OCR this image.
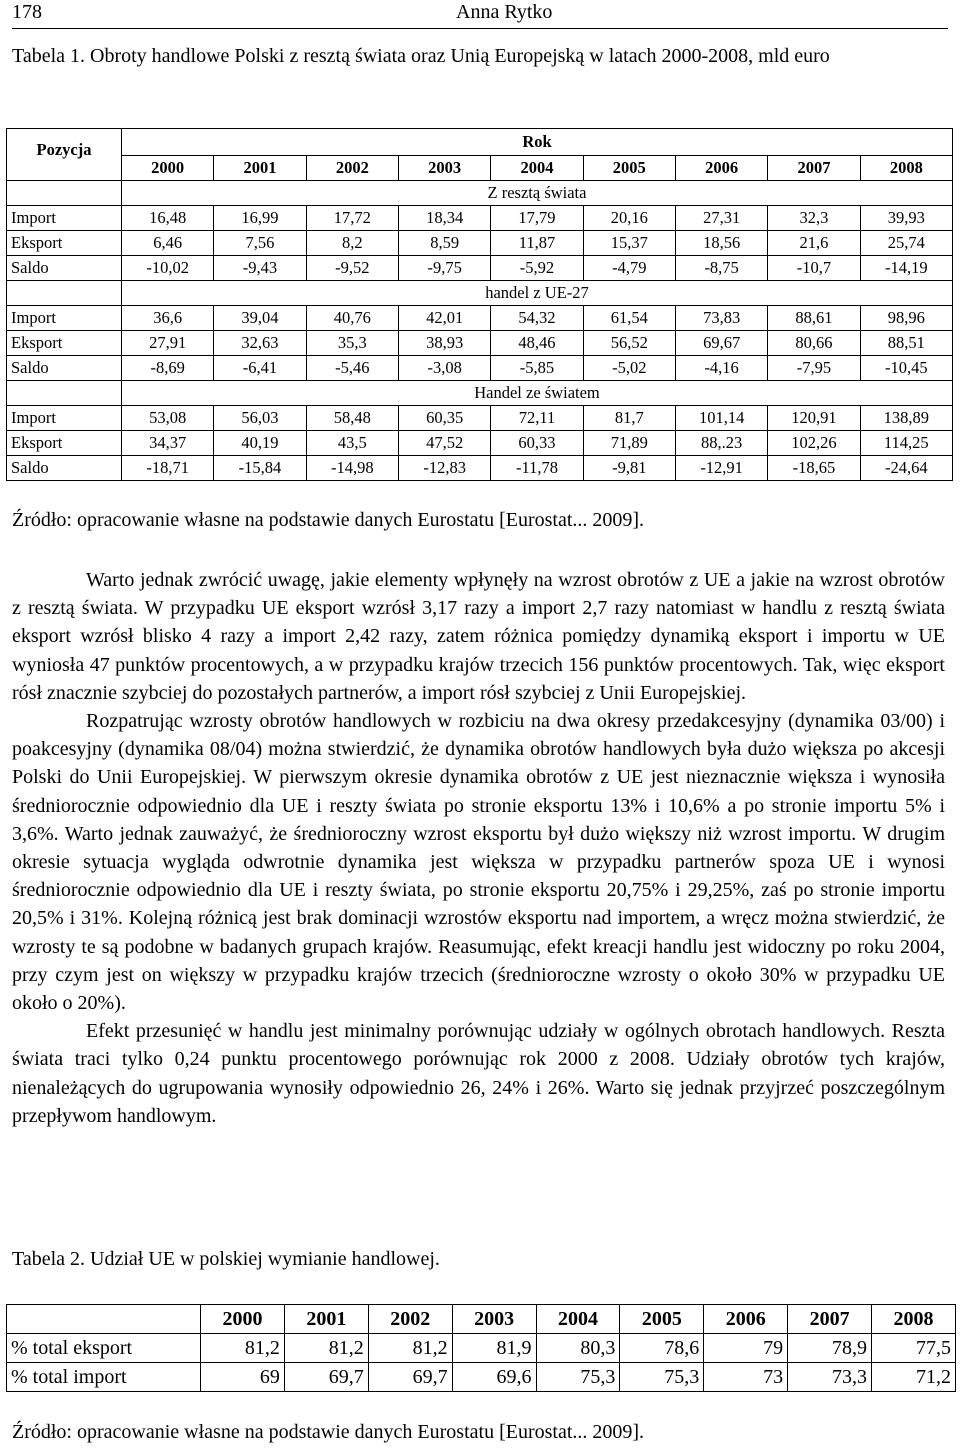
178	Anna Rytko
Tabela 1. Obroty handlowe Polski z resztą świata oraz Unią Europejską w latach 2000-2008, mld euro
Pozycja	Rok								
	2000	2001	2002	2003	2004	2005	2006	2007	2008
	Z resztą świata								
Import	16,48	16,99	17,72	18,34	17,79	20,16	27,31	32,3	39,93
Eksport	6,46	7,56	8,2	8,59	11,87	15,37	18,56	21,6	25,74
Saldo	-10,02	-9,43	-9,52	-9,75	-5,92	-4,79	-8,75	-10,7	-14,19
	handel z UE-27								
Import	36,6	39,04	40,76	42,01	54,32	61,54	73,83	88,61	98,96
Eksport	27,91	32,63	35,3	38,93	48,46	56,52	69,67	80,66	88,51
Saldo	-8,69	-6,41	-5,46	-3,08	-5,85	-5,02	-4,16	-7,95	-10,45
	Handel ze światem								
Import	53,08	56,03	58,48	60,35	72,11	81,7	101,14	120,91	138,89
Eksport	34,37	40,19	43,5	47,52	60,33	71,89	88,.23	102,26	114,25
Saldo	-18,71	-15,84	-14,98	-12,83	-11,78	-9,81	-12,91	-18,65	-24,64
Źródło: opracowanie własne na podstawie danych Eurostatu [Eurostat... 2009].

Warto jednak zwrócić uwagę, jakie elementy wpłynęły na wzrost obrotów z UE a jakie na wzrost obrotów z resztą świata. W przypadku UE eksport wzrósł 3,17 razy a import 2,7 razy natomiast w handlu z resztą świata eksport wzrósł blisko 4 razy a import 2,42 razy, zatem różnica pomiędzy dynamiką eksport i importu w UE wyniosła 47 punktów procentowych, a w przypadku krajów trzecich 156 punktów procentowych. Tak, więc eksport rósł znacznie szybciej do pozostałych partnerów, a import rósł szybciej z Unii Europejskiej.

Rozpatrując wzrosty obrotów handlowych w rozbiciu na dwa okresy przedakcesyjny (dynamika 03/00) i poakcesyjny (dynamika 08/04) można stwierdzić, że dynamika obrotów handlowych była dużo większa po akcesji Polski do Unii Europejskiej. W pierwszym okresie dynamika obrotów z UE jest nieznacznie większa i wynosiła średniorocznie odpowiednio dla UE i reszty świata po stronie eksportu 13% i 10,6% a po stronie importu 5% i 3,6%. Warto jednak zauważyć, że średnioroczny wzrost eksportu był dużo większy niż wzrost importu. W drugim okresie sytuacja wygląda odwrotnie dynamika jest większa w przypadku partnerów spoza UE i wynosi średniorocznie odpowiednio dla UE i reszty świata, po stronie eksportu 20,75% i 29,25%, zaś po stronie importu 20,5% i 31%. Kolejną różnicą jest brak dominacji wzrostów eksportu nad importem, a wręcz można stwierdzić, że wzrosty te są podobne w badanych grupach krajów. Reasumując, efekt kreacji handlu jest widoczny po roku 2004, przy czym jest on większy w przypadku krajów trzecich (średnioroczne wzrosty o około 30% w przypadku UE około o 20%).

Efekt przesunięć w handlu jest minimalny porównując udziały w ogólnych obrotach handlowych. Reszta świata traci tylko 0,24 punktu procentowego porównując rok 2000 z 2008. Udziały obrotów tych krajów, nienależących do ugrupowania wynosiły odpowiednio 26, 24% i 26%. Warto się jednak przyjrzeć poszczególnym przepływom handlowym.

Tabela 2. Udział UE w polskiej wymianie handlowej.
	2000	2001	2002	2003	2004	2005	2006	2007	2008
% total eksport	81,2	81,2	81,2	81,9	80,3	78,6	79	78,9	77,5
% total import	69	69,7	69,7	69,6	75,3	75,3	73	73,3	71,2
Źródło: opracowanie własne na podstawie danych Eurostatu [Eurostat... 2009].
